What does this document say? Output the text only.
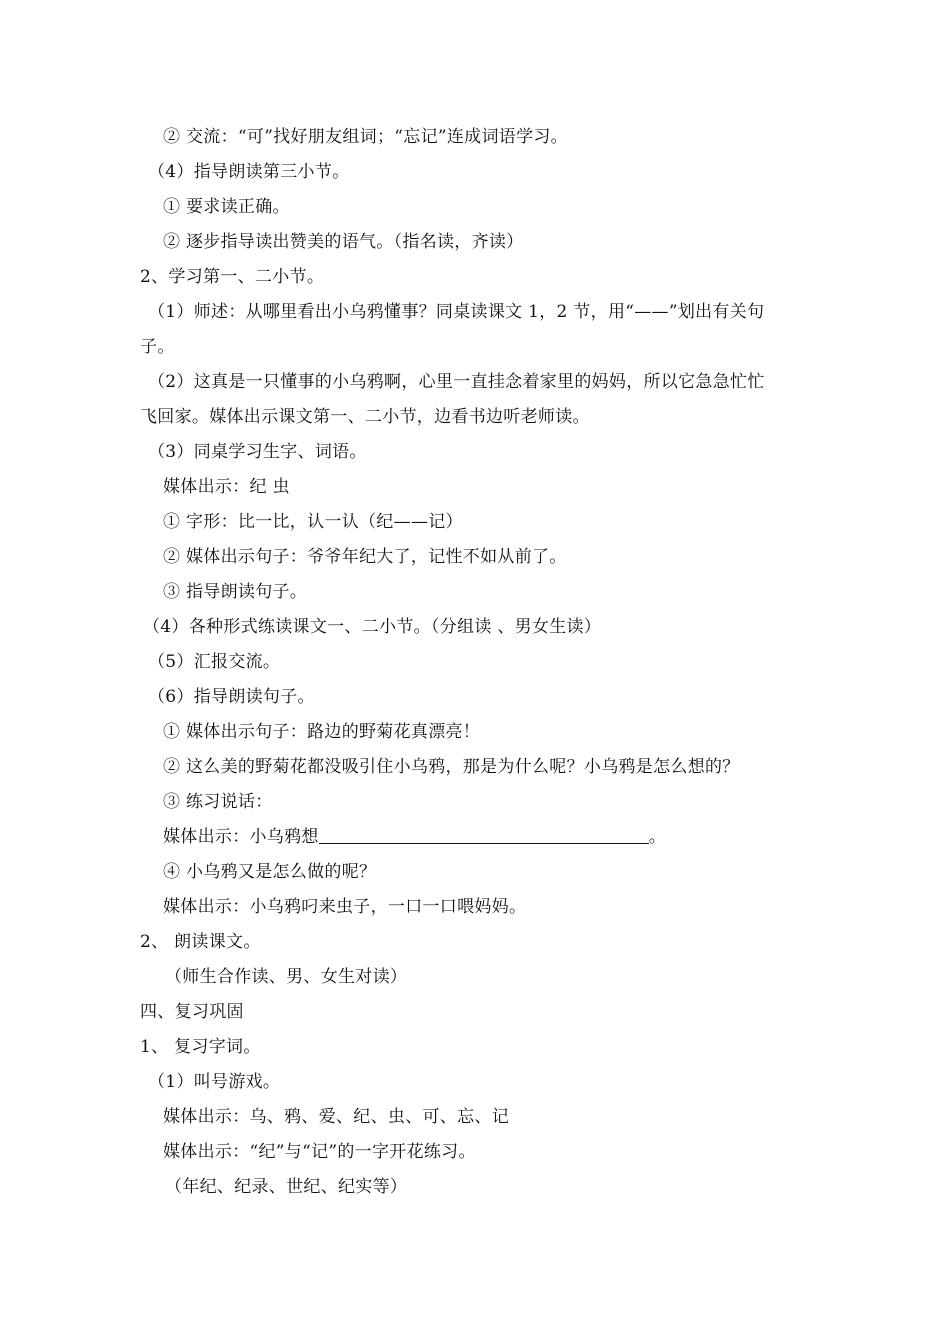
② 交流：“可”找好朋友组词；“忘记”连成词语学习。
（4）指导朗读第三小节。
① 要求读正确。
② 逐步指导读出赞美的语气。（指名读，齐读）
2、学习第一、二小节。
（1）师述：从哪里看出小乌鸦懂事？同桌读课文 1，2 节，用“——”划出有关句
子。
（2）这真是一只懂事的小乌鸦啊，心里一直挂念着家里的妈妈，所以它急急忙忙
飞回家。媒体出示课文第一、二小节，边看书边听老师读。
（3）同桌学习生字、词语。
媒体出示：纪 虫
① 字形：比一比，认一认（纪——记）
② 媒体出示句子：爷爷年纪大了，记性不如从前了。
③ 指导朗读句子。
（4）各种形式练读课文一、二小节。（分组读 、男女生读）
（5）汇报交流。
（6）指导朗读句子。
① 媒体出示句子：路边的野菊花真漂亮！
② 这么美的野菊花都没吸引住小乌鸦，那是为什么呢？小乌鸦是怎么想的？
③ 练习说话：
媒体出示：小乌鸦想	。
④ 小乌鸦又是怎么做的呢？
媒体出示：小乌鸦叼来虫子，一口一口喂妈妈。
2、 朗读课文。
（师生合作读、男、女生对读）
四、复习巩固
1、 复习字词。
（1）叫号游戏。
媒体出示：乌、鸦、爱、纪、虫、可、忘、记
媒体出示：“纪”与“记”的一字开花练习。
（年纪、纪录、世纪、纪实等）
